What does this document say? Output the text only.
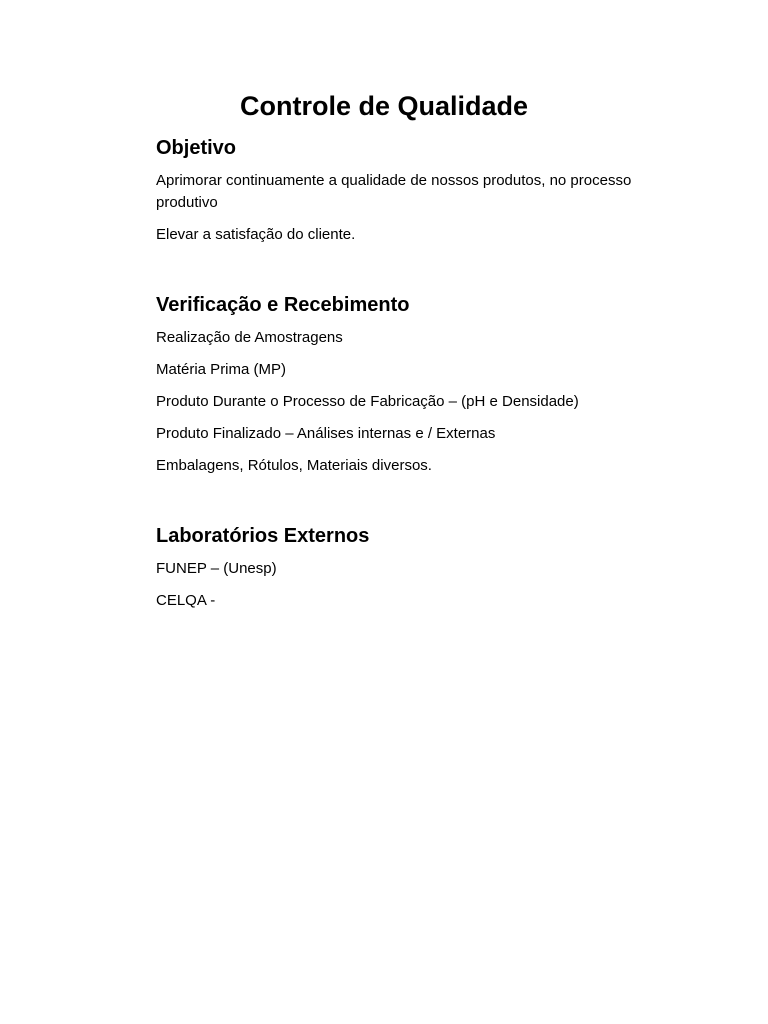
Controle de Qualidade
Objetivo

Aprimorar continuamente a qualidade de nossos produtos, no processo produtivo

Elevar a satisfação do cliente.

Verificação e Recebimento

Realização de Amostragens

Matéria Prima (MP)

Produto Durante o Processo de Fabricação – (pH e Densidade)

Produto Finalizado – Análises internas e / Externas

Embalagens, Rótulos, Materiais diversos.

Laboratórios Externos

FUNEP – (Unesp)

CELQA -
